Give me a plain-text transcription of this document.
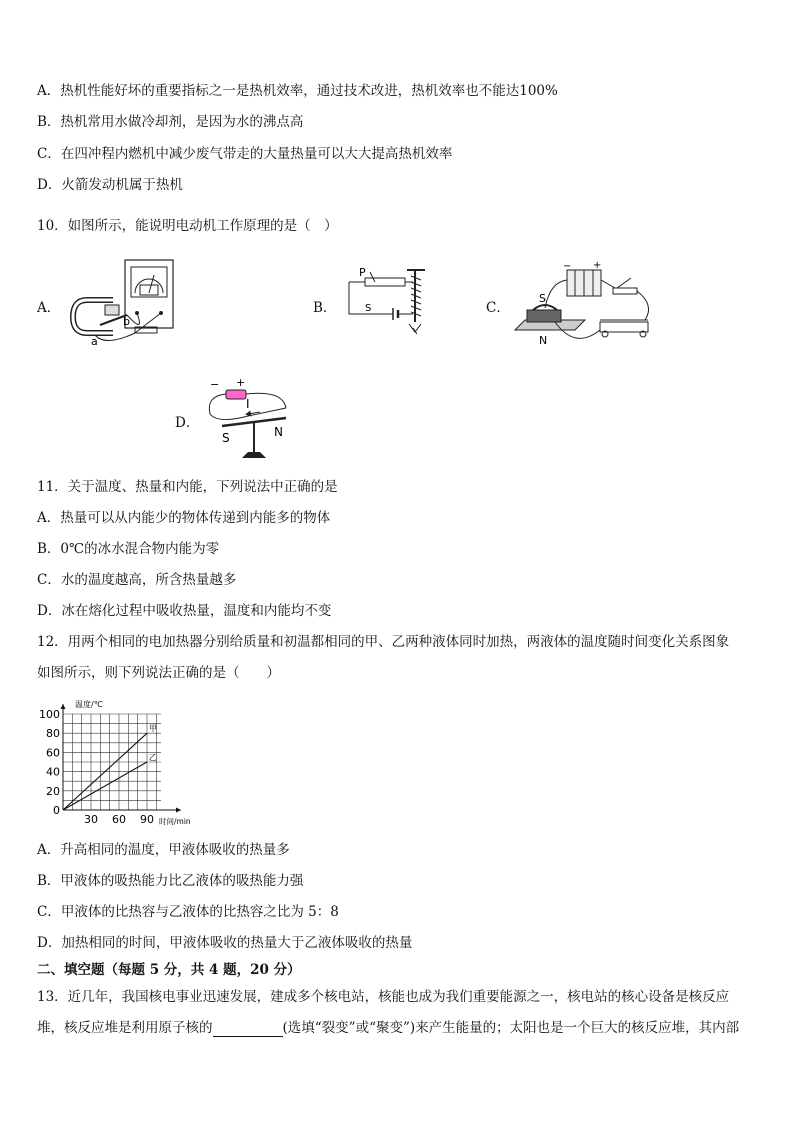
A．热机性能好坏的重要指标之一是热机效率，通过技术改进，热机效率也不能达100%
B．热机常用水做冷却剂，是因为水的沸点高
C．在四冲程内燃机中减少废气带走的大量热量可以大大提高热机效率
D．火箭发动机属于热机
10．如图所示，能说明电动机工作原理的是（　）
A．
a
b
B．
P
S	C．
− +
S
N
D．
− +
I
S	N
11．关于温度、热量和内能，下列说法中正确的是
A．热量可以从内能少的物体传递到内能多的物体
B．0℃的冰水混合物内能为零
C．水的温度越高，所含热量越多
D．冰在熔化过程中吸收热量，温度和内能均不变
12．用两个相同的电加热器分别给质量和初温都相同的甲、乙两种液体同时加热，两液体的温度随时间变化关系图象
如图所示，则下列说法正确的是（　　）
0
20
40
60
80
100
30 60 90
甲
乙
温度/℃
时间/min
A．升高相同的温度，甲液体吸收的热量多
B．甲液体的吸热能力比乙液体的吸热能力强
C．甲液体的比热容与乙液体的比热容之比为 5：8
D．加热相同的时间，甲液体吸收的热量大于乙液体吸收的热量
二、填空题（每题 5 分，共 4 题，20 分）
13．近几年，我国核电事业迅速发展，建成多个核电站，核能也成为我们重要能源之一，核电站的核心设备是核反应
堆，核反应堆是利用原子核的	(选填“裂变”或“聚变”)来产生能量的；太阳也是一个巨大的核反应堆，其内部
